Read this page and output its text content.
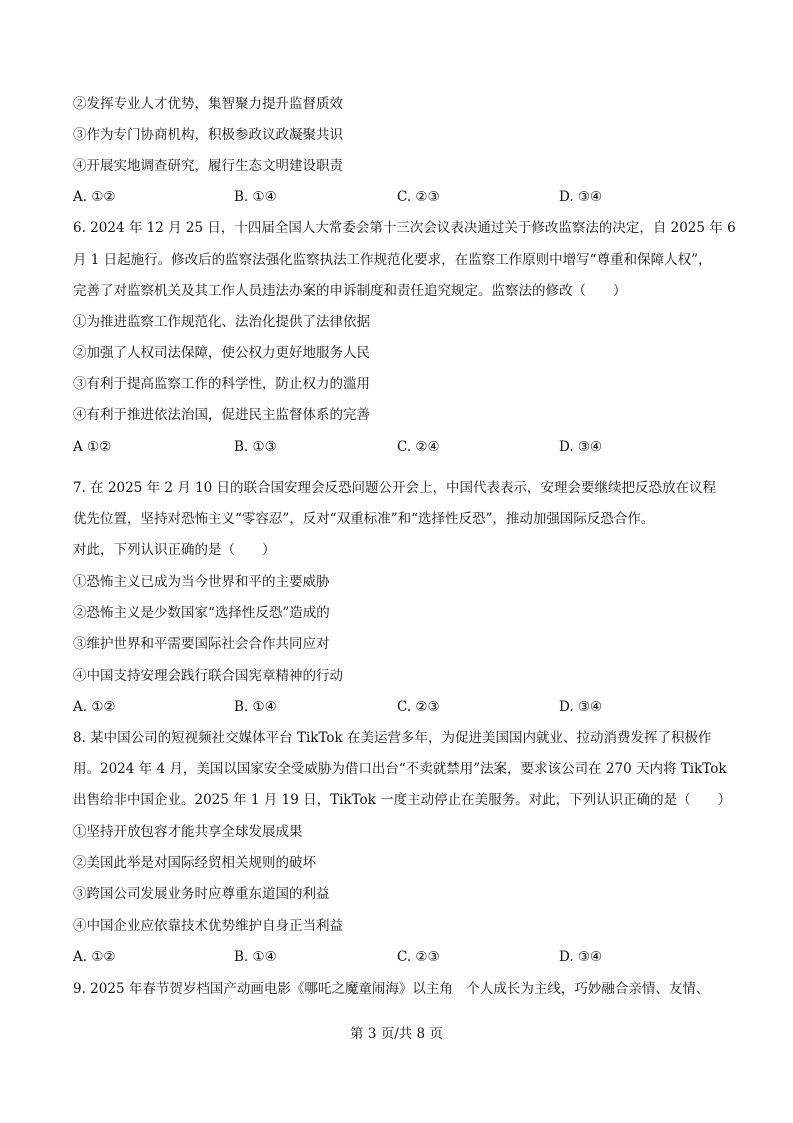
②发挥专业人才优势，集智聚力提升监督质效
③作为专门协商机构，积极参政议政凝聚共识
④开展实地调查研究，履行生态文明建设职责
A. ①②	B. ①④	C. ②③	D. ③④
6. 2024 年 12 月 25 日，十四届全国人大常委会第十三次会议表决通过关于修改监察法的决定，自 2025 年 6
月 1 日起施行。修改后的监察法强化监察执法工作规范化要求，在监察工作原则中增写“尊重和保障人权”，
完善了对监察机关及其工作人员违法办案的申诉制度和责任追究规定。监察法的修改（　　）
①为推进监察工作规范化、法治化提供了法律依据
②加强了人权司法保障，使公权力更好地服务人民
③有利于提高监察工作的科学性，防止权力的滥用
④有利于推进依法治国，促进民主监督体系的完善
A ①②	B. ①③	C. ②④	D. ③④
7. 在 2025 年 2 月 10 日的联合国安理会反恐问题公开会上，中国代表表示，安理会要继续把反恐放在议程
优先位置，坚持对恐怖主义“零容忍”，反对“双重标准”和“选择性反恐”，推动加强国际反恐合作。
对此，下列认识正确的是（　　）
①恐怖主义已成为当今世界和平的主要威胁
②恐怖主义是少数国家“选择性反恐”造成的
③维护世界和平需要国际社会合作共同应对
④中国支持安理会践行联合国宪章精神的行动
A. ①②	B. ①④	C. ②③	D. ③④
8. 某中国公司的短视频社交媒体平台 TikTok 在美运营多年，为促进美国国内就业、拉动消费发挥了积极作
用。2024 年 4 月，美国以国家安全受威胁为借口出台“不卖就禁用”法案，要求该公司在 270 天内将 TikTok
出售给非中国企业。2025 年 1 月 19 日，TikTok 一度主动停止在美服务。对此，下列认识正确的是（　　）
①坚持开放包容才能共享全球发展成果
②美国此举是对国际经贸相关规则的破坏
③跨国公司发展业务时应尊重东道国的利益
④中国企业应依靠技术优势维护自身正当利益
A. ①②	B. ①④	C. ②③	D. ③④
9. 2025 年春节贺岁档国产动画电影《哪吒之魔童闹海》以主角　个人成长为主线，巧妙融合亲情、友情、
第 3 页/共 8 页
